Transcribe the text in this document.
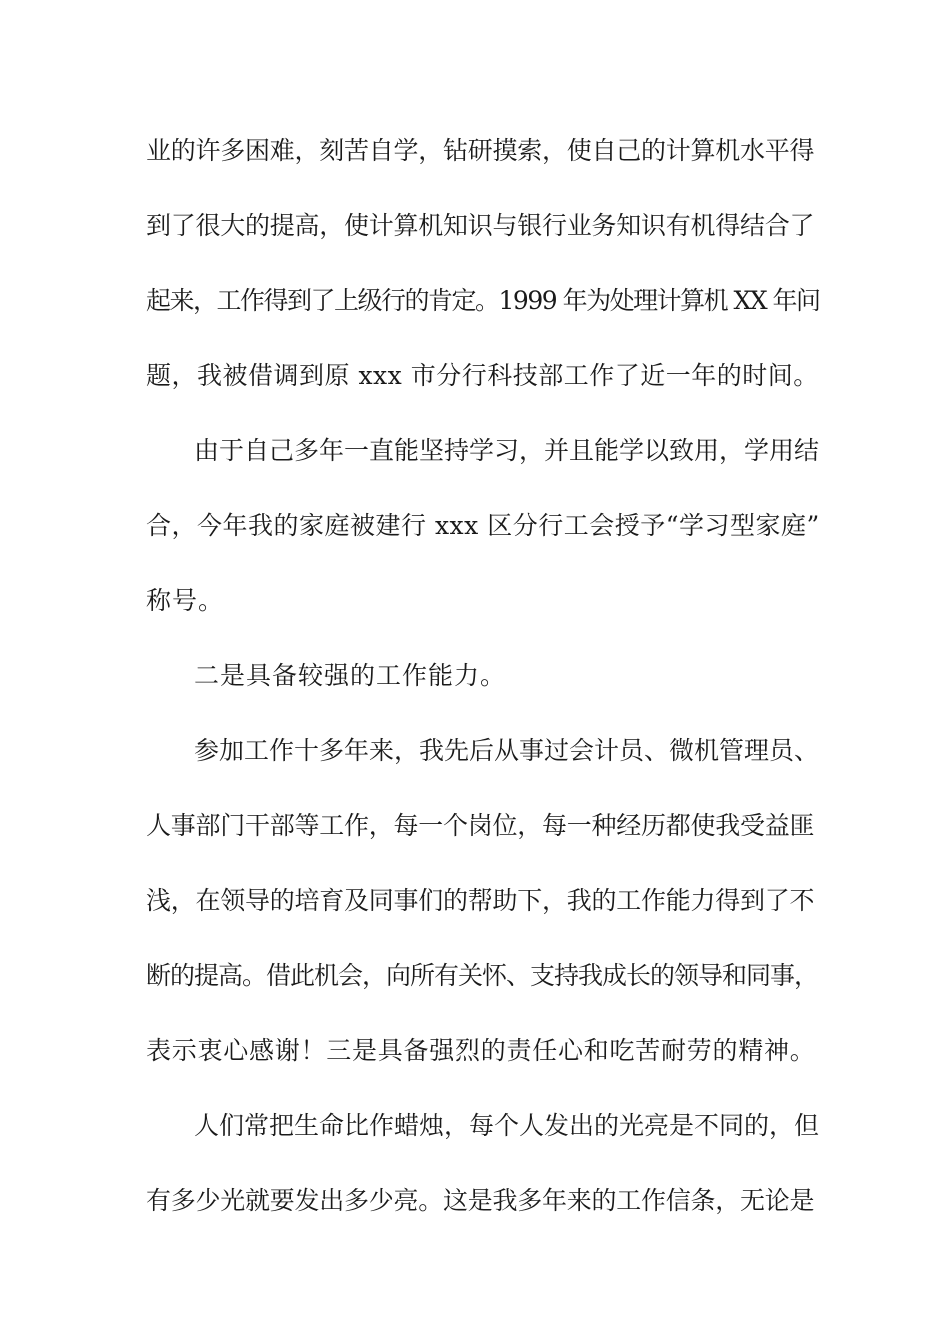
业的许多困难，刻苦自学，钻研摸索，使自己的计算机水平得
到了很大的提高，使计算机知识与银行业务知识有机得结合了
起来，工作得到了上级行的肯定。1999 年为处理计算机 XX 年问
题，我被借调到原 xxx 市分行科技部工作了近一年的时间。
由于自己多年一直能坚持学习，并且能学以致用，学用结
合，今年我的家庭被建行 xxx 区分行工会授予“学习型家庭”
称号。
二是具备较强的工作能力。
参加工作十多年来，我先后从事过会计员、微机管理员、
人事部门干部等工作，每一个岗位，每一种经历都使我受益匪
浅，在领导的培育及同事们的帮助下，我的工作能力得到了不
断的提高。借此机会，向所有关怀、支持我成长的领导和同事，
表示衷心感谢！三是具备强烈的责任心和吃苦耐劳的精神。
人们常把生命比作蜡烛，每个人发出的光亮是不同的，但
有多少光就要发出多少亮。这是我多年来的工作信条，无论是
